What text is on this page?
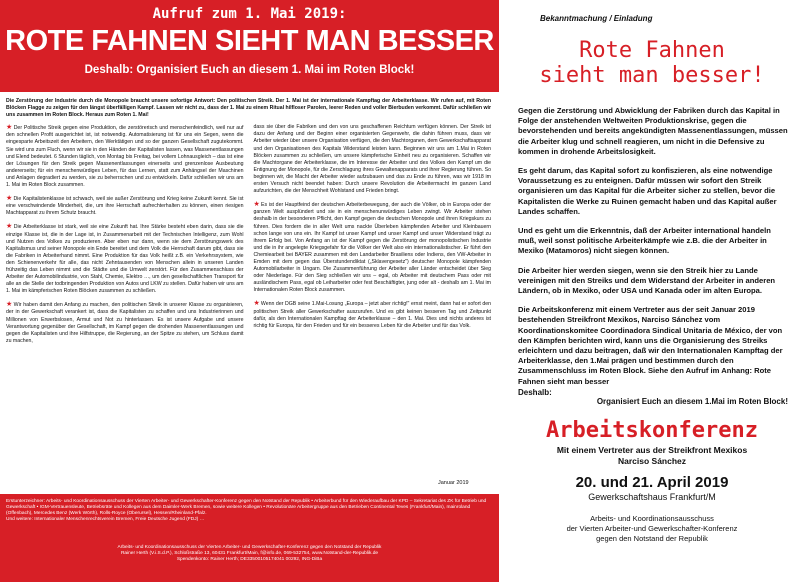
Aufruf zum 1. Mai 2019:
ROTE FAHNEN SIEHT MAN BESSER
Deshalb: Organisiert Euch an diesem 1. Mai im Roten Block!

Die Zerstörung der Industrie durch die Monopole braucht unsere sofortige Antwort: Den politischen Streik. Der 1. Mai ist der internationale Kampftag der Arbeiterklasse. Wir rufen auf, mit Roten Blöcken Flagge zu zeigen für den längst überfälligen Kampf. Lassen wir nicht zu, dass der 1. Mai zu einem Ritual hilfloser Parolen, leerer Reden und voller Bierbuden verkommt. Dafür schließen wir uns zusammen im Roten Block. Heraus zum Roten 1. Mai!

★Der Politische Streik gegen eine Produktion, die zerstörerisch und menschenfeindlich, weil nur auf den schnellen Profit ausgerichtet ist, ist notwendig. Automatisierung ist für uns ein Segen, wenn die eingesparte Arbeitszeit den Arbeitern, den Werktätigen und so der ganzen Gesellschaft zugutekommt. Sie wird uns zum Fluch, wenn wir sie in den Händen der Kapitalisten lassen, was Massenentlassungen und Elend bedeutet. 6 Stunden täglich, von Montag bis Freitag, bei vollem Lohnausgleich – das ist eine der Lösungen für den Streik gegen Massenentlassungen einerseits und grenzenlose Ausbeutung andererseits; für ein menschenwürdiges Leben, für das Lernen, statt zum Anhängsel der Maschinen und Anlagen degradiert zu werden, sie zu beherrschen und zu entwickeln. Dafür schließen wir uns am 1. Mai im Roten Block zusammen.

★Die Kapitalistenklasse ist schwach, weil sie außer Zerstörung und Krieg keine Zukunft kennt. Sie ist eine verschwindende Minderheit, die, um ihre Herrschaft aufrechterhalten zu können, einen riesigen Machtapparat zu ihrem Schutz braucht.

★Die Arbeiterklasse ist stark, weil sie eine Zukunft hat. Ihre Stärke besteht eben darin, dass sie die einzige Klasse ist, die in der Lage ist, in Zusammenarbeit mit der Technischen Intelligenz, zum Wohl und Nutzen des Volkes zu produzieren. Aber eben nur dann, wenn sie dem Zerstörungswerk des Kapitalismus und seiner Monopole ein Ende bereitet und dem Volk die Herrschaft darum gibt, dass sie die Fabriken in Arbeiterhand nimmt. Eine Produktion für das Volk heißt z.B. ein Verkehrssystem, wie den Schienenverkehr für alle, das nicht Zehntausenden von Menschen allein in unseren Landen frühzeitig das Leben nimmt und die Städte und die Umwelt zerstört. Für den Zusammenschluss der Arbeiter der Automobilindustrie, von Stahl, Chemie, Elektro …, um den gesellschaftlichen Transport für alle an die Stelle der todbringenden Produktion von Autos und LKW zu stellen. Dafür haben wir uns am 1. Mai im kämpferischen Roten Blöcken zusammen zu schließen.

★Wir haben damit den Anfang zu machen, den politischen Streik in unserer Klasse zu organisieren, der in der Gewerkschaft verankert ist, dass die Kapitalisten zu schaffen und uns Industrierinnen und Millionen von Erwerbslosen, Armut und Not zu hinterlassen. Es ist unsere Aufgabe und unsere Verantwortung gegenüber der Gesellschaft, im Kampf gegen die drohenden Massenentlassungen und gegen die Kapitalisten und ihre Hilfstruppe, die Regierung, an der Spitze zu stehen, um Schluss damit zu machen,

dass sie über die Fabriken und den von uns geschaffenen Reichtum verfügen können. Der Streik ist dazu der Anfang und der Beginn einer organisierten Gegenwehr, die dahin führen muss, dass wir Arbeiter wieder über unsere Organisation verfügen, die den Machtorganen, dem Gewerkschaftsapparat und den Organisationen des Kapitals Widerstand leisten kann. Beginnen wir uns am 1.Mai in Roten Blöcken zusammen zu schließen, um unsere kämpferische Einheit neu zu organisieren. Schaffen wir die Machtorgane der Arbeiterklasse, die im Interesse der Arbeiter und des Volkes den Kampf um die Entignung der Monopole, für die Zerschlagung ihres Gewaltenapparats und ihrer Regierung führen. So beginnen wir, die Macht der Arbeiter wieder aufzubauen und das zu Ende zu führen, was wir 1918 im ersten Versuch nicht beendet haben: Durch unsere Revolution die Arbeitermacht im ganzen Land aufzurichten, die der Menschheit Wohlstand und Frieden bringt.

★Es ist der Hauptfeind der deutschen Arbeiterbewegung, der auch die Völker, ob in Europa oder der ganzen Welt ausplündert und sie in ein menschenunwürdiges Leben zwingt. Wir Arbeiter stehen deshalb in der besonderen Pflicht, den Kampf gegen die deutschen Monopole und ihren Kriegskurs zu führen. Dies fordern die in aller Welt ums nackte Überleben kämpfenden Arbeiter und Kleinbauern schon lange von uns ein. Ihr Kampf ist unser Kampf und unser Kampf und unser Widerstand trägt zu ihrem Erfolg bei. Von Anfang an ist der Kampf gegen die Zerstörung der monopolistischen Industrie und die in ihr angelegte Kriegsgefahr für die Völker der Welt also ein internationalistischer. Er führt den Chemiearbeit bei BAYER zusammen mit den Landarbeiter Brasiliens oder Indiens, den VW-Arbeiter in Emden mit dem gegen das Überstundendiktat („Sklavengesetz") deutscher Monopole kämpfenden Automobilarbeiter in Ungarn. Die Zusammenführung der Arbeiter aller Länder entscheidet über Sieg oder Niederlage. Für den Sieg schließen wir uns – egal, ob Arbeiter mit deutschem Pass oder mit ausländischem Pass, egal ob Leiharbeiter oder fest Beschäftigter, jung oder alt - deshalb am 1. Mai im Internationalen Roten Block zusammen.

★Wenn der DGB seine 1.Mai-Losung „Europa – jetzt aber richtig!" ernst meint, dann hat er sofort den politischen Streik aller Gewerkschafter auszurufen. Und es gibt keinen besseren Tag und Zeitpunkt dafür, als den Internationalen Kampftag der Arbeiterklasse – den 1. Mai. Dies und nichts anderes ist richtig für Europa, für den Frieden und für ein besseres Leben für die Arbeiter und für das Volk.

Januar 2019
Erstunterzeichner: Arbeits- und Koordinationsausschuss der Vierten Arbeiter- und Gewerkschafter-Konferenz gegen den Notstand der Republik • Arbeiterbund für den Wiederaufbau der KPD – Sekretariat des ZK für Betrieb und Gewerkschaft • IGM-Vertrauensleute, Betriebsräte und Kollegen aus dem Daimler-Werk Bremen, sowie weitere Kollegen • Revolutionäre Arbeitergruppe aus den Betrieben Continental Teves (Frankfurt/Main), mainroland (Offenbach), Mercedes Benz (Werk Wörth), Rolls-Royce (Oberursel), Hessen/Rheinland-Pfalz.
Und weitere: Internationaler Menschenrechtsverein Bremen, Freie Deutsche Jugend (FDJ) …
Arbeits- und Koordinationsausschuss der Vierten Arbeiter- und Gewerkschafter-Konferenz gegen den Notstand der Republik
Rainer Herth (V.i.S.d.P.), Schloßstraße 13, 60431 Frankfurt/Main, f@info.de, 069-532754, www.Notstand-der-Republik.de
Spendenkonto: Rainer Herth; DE33500105174041 00292, ING-DiBa
Bekanntmachung / Einladung
Rote Fahnen
sieht man besser!

Gegen die Zerstörung und Abwicklung der Fabriken durch das Kapital in Folge der anstehenden Weltweiten Produktionskrise, gegen die bevorstehenden und bereits angekündigten Massenentlassungen, müssen die Arbeiter klug und schnell reagieren, um nicht in die Defensive zu kommen in drohende Arbeitslosigkeit.

Es geht darum, das Kapital sofort zu konfiszieren, als eine notwendige Voraussetzung es zu enteignen. Dafür müssen wir sofort den Streik organisieren um das Kapital für die Arbeiter sicher zu stellen, bevor die Kapitalisten die Werke zu Ruinen gemacht haben und das Kapital außer Landes schaffen.

Und es geht um die Erkenntnis, daß der Arbeiter international handeln muß, weil sonst politische Arbeiterkämpfe wie z.B. die der Arbeiter in Mexiko (Matamoros) nicht siegen können.

Die Arbeiter hier werden siegen, wenn sie den Streik hier zu Lande vereinigen mit den Streiks und dem Widerstand der Arbeiter in anderen Ländern, ob in Mexiko, oder USA und Kanada oder im alten Europa.

Die Arbeitskonferenz mit einem Vertreter aus der seit Januar 2019 bestehenden Streikfront Mexikos, Narciso Sánchez vom Koordinationskomitee Coordinadora Sindical Unitaria de México, der von den Kämpfen berichten wird, kann uns die Organisierung des Streiks erleichtern und dazu beitragen, daß wir den Internationalen Kampftag der Arbeiterklasse, den 1.Mai prägen und bestimmen durch den Zusammenschluss im Roten Block. Siehe den Aufruf im Anhang: Rote Fahnen sieht man besser

Deshalb:
Organisiert Euch an diesem 1.Mai im Roten Block!
Arbeitskonferenz
Mit einem Vertreter aus der Streikfront Mexikos
Narciso Sánchez
20. und 21. April 2019
Gewerkschaftshaus Frankfurt/M
Arbeits- und Koordinationsausschuss
der Vierten Arbeiter-und Gewerkschafter-Konferenz
gegen den Notstand der Republik
